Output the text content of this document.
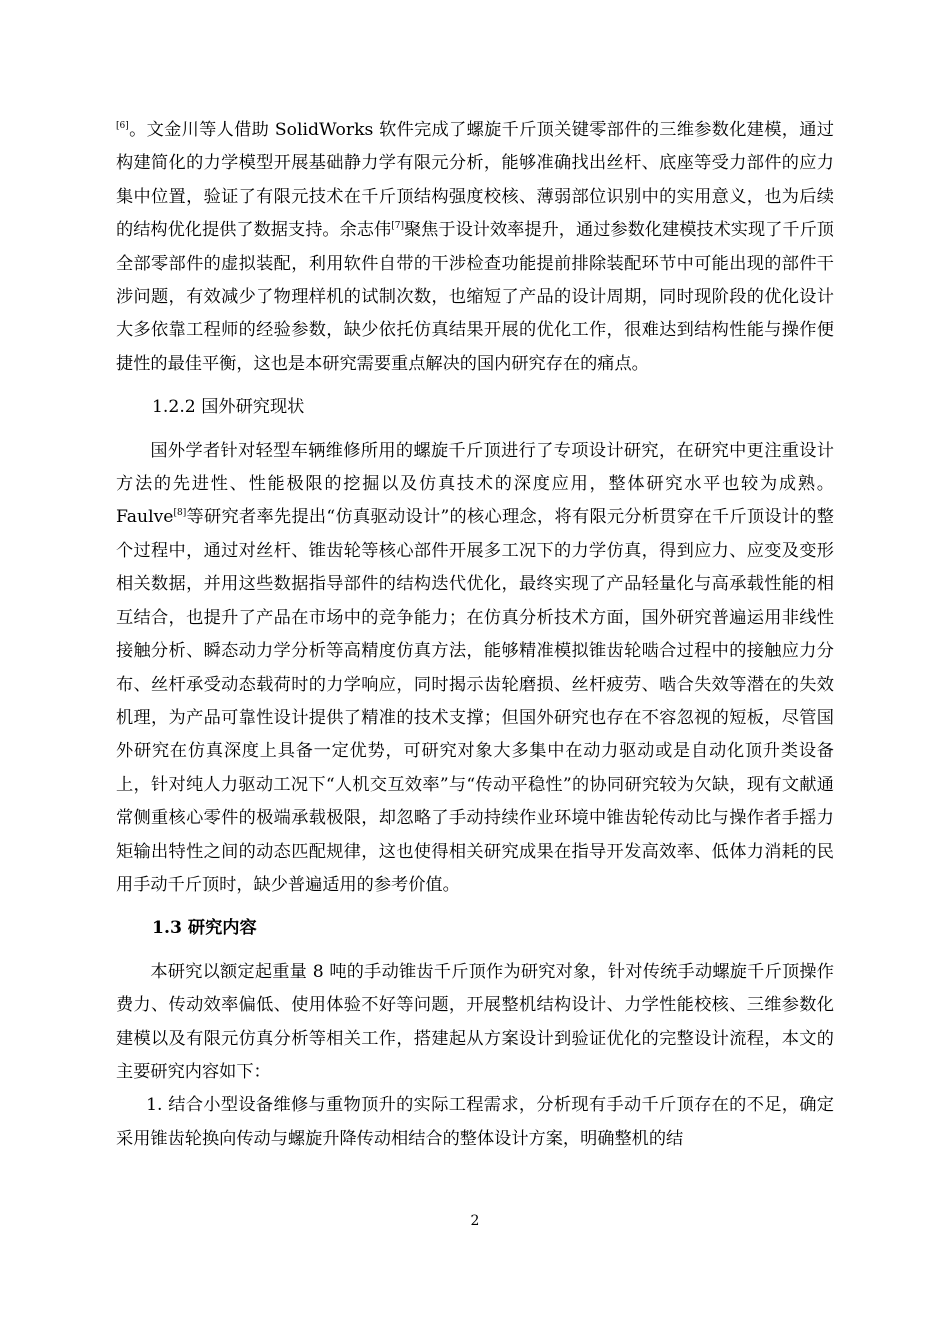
[6]。文金川等人借助 SolidWorks 软件完成了螺旋千斤顶关键零部件的三维参数化建模，通过构建简化的力学模型开展基础静力学有限元分析，能够准确找出丝杆、底座等受力部件的应力集中位置，验证了有限元技术在千斤顶结构强度校核、薄弱部位识别中的实用意义，也为后续的结构优化提供了数据支持。余志伟[7]聚焦于设计效率提升，通过参数化建模技术实现了千斤顶全部零部件的虚拟装配，利用软件自带的干涉检查功能提前排除装配环节中可能出现的部件干涉问题，有效减少了物理样机的试制次数，也缩短了产品的设计周期，同时现阶段的优化设计大多依靠工程师的经验参数，缺少依托仿真结果开展的优化工作，很难达到结构性能与操作便捷性的最佳平衡，这也是本研究需要重点解决的国内研究存在的痛点。

1.2.2 国外研究现状

国外学者针对轻型车辆维修所用的螺旋千斤顶进行了专项设计研究，在研究中更注重设计方法的先进性、性能极限的挖掘以及仿真技术的深度应用，整体研究水平也较为成熟。Faulve[8]等研究者率先提出“仿真驱动设计”的核心理念，将有限元分析贯穿在千斤顶设计的整个过程中，通过对丝杆、锥齿轮等核心部件开展多工况下的力学仿真，得到应力、应变及变形相关数据，并用这些数据指导部件的结构迭代优化，最终实现了产品轻量化与高承载性能的相互结合，也提升了产品在市场中的竞争能力；在仿真分析技术方面，国外研究普遍运用非线性接触分析、瞬态动力学分析等高精度仿真方法，能够精准模拟锥齿轮啮合过程中的接触应力分布、丝杆承受动态载荷时的力学响应，同时揭示齿轮磨损、丝杆疲劳、啮合失效等潜在的失效机理，为产品可靠性设计提供了精准的技术支撑；但国外研究也存在不容忽视的短板，尽管国外研究在仿真深度上具备一定优势，可研究对象大多集中在动力驱动或是自动化顶升类设备上，针对纯人力驱动工况下“人机交互效率”与“传动平稳性”的协同研究较为欠缺，现有文献通常侧重核心零件的极端承载极限，却忽略了手动持续作业环境中锥齿轮传动比与操作者手摇力矩输出特性之间的动态匹配规律，这也使得相关研究成果在指导开发高效率、低体力消耗的民用手动千斤顶时，缺少普遍适用的参考价值。

1.3 研究内容

本研究以额定起重量 8 吨的手动锥齿千斤顶作为研究对象，针对传统手动螺旋千斤顶操作费力、传动效率偏低、使用体验不好等问题，开展整机结构设计、力学性能校核、三维参数化建模以及有限元仿真分析等相关工作，搭建起从方案设计到验证优化的完整设计流程，本文的主要研究内容如下：

1. 结合小型设备维修与重物顶升的实际工程需求，分析现有手动千斤顶存在的不足，确定采用锥齿轮换向传动与螺旋升降传动相结合的整体设计方案，明确整机的结

2
